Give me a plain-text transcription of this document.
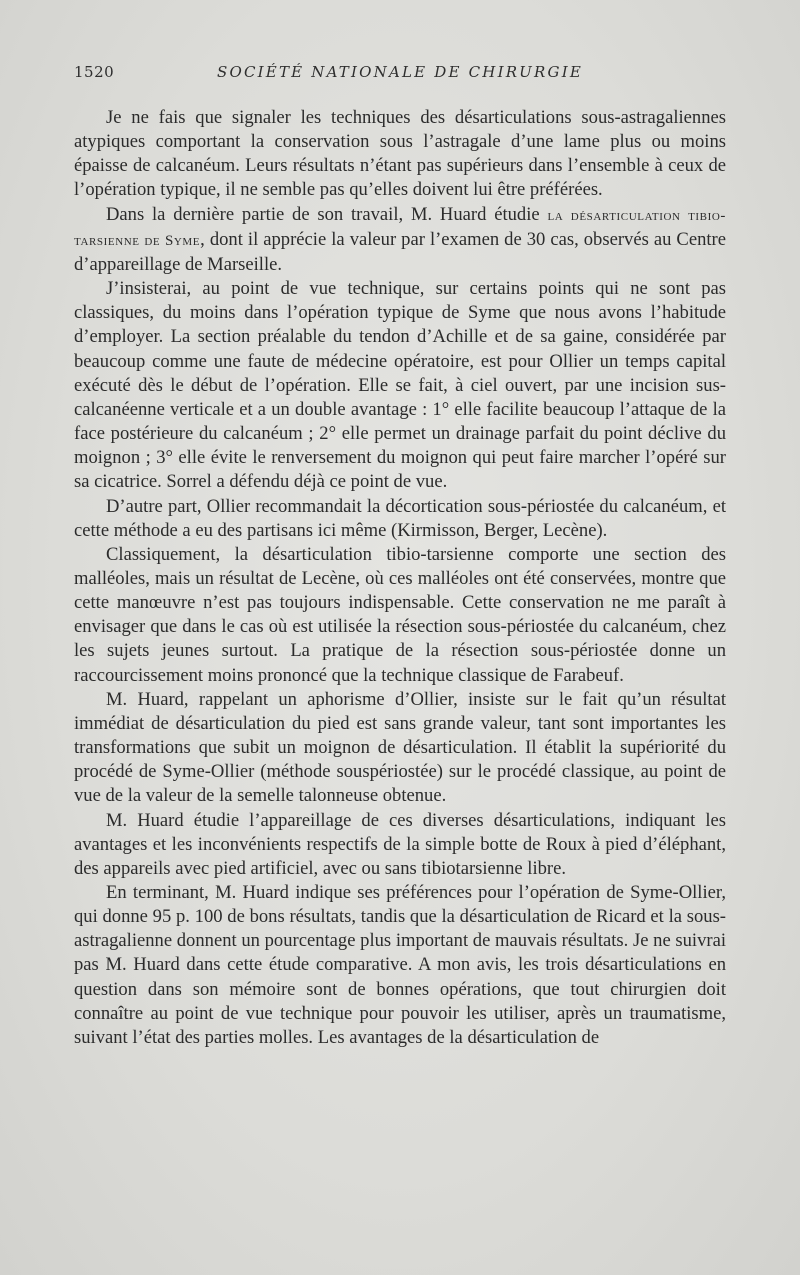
1520	SOCIÉTÉ NATIONALE DE CHIRURGIE

Je ne fais que signaler les techniques des désarticulations sous-astragaliennes atypiques comportant la conservation sous l’astragale d’une lame plus ou moins épaisse de calcanéum. Leurs résultats n’étant pas supérieurs dans l’ensemble à ceux de l’opération typique, il ne semble pas qu’elles doivent lui être préférées.

Dans la dernière partie de son travail, M. Huard étudie la désarticulation tibio-tarsienne de Syme, dont il apprécie la valeur par l’examen de 30 cas, observés au Centre d’appareillage de Marseille.

J’insisterai, au point de vue technique, sur certains points qui ne sont pas classiques, du moins dans l’opération typique de Syme que nous avons l’habitude d’employer. La section préalable du tendon d’Achille et de sa gaine, considérée par beaucoup comme une faute de médecine opératoire, est pour Ollier un temps capital exécuté dès le début de l’opération. Elle se fait, à ciel ouvert, par une incision sus-calcanéenne verticale et a un double avantage : 1° elle facilite beaucoup l’attaque de la face postérieure du calcanéum ; 2° elle permet un drainage parfait du point déclive du moignon ; 3° elle évite le renversement du moignon qui peut faire marcher l’opéré sur sa cicatrice. Sorrel a défendu déjà ce point de vue.

D’autre part, Ollier recommandait la décortication sous-périostée du calcanéum, et cette méthode a eu des partisans ici même (Kirmisson, Berger, Lecène).

Classiquement, la désarticulation tibio-tarsienne comporte une section des malléoles, mais un résultat de Lecène, où ces malléoles ont été conservées, montre que cette manœuvre n’est pas toujours indispensable. Cette conservation ne me paraît à envisager que dans le cas où est utilisée la résection sous-périostée du calcanéum, chez les sujets jeunes surtout. La pratique de la résection sous-périostée donne un raccourcissement moins prononcé que la technique classique de Farabeuf.

M. Huard, rappelant un aphorisme d’Ollier, insiste sur le fait qu’un résultat immédiat de désarticulation du pied est sans grande valeur, tant sont importantes les transformations que subit un moignon de désarticulation. Il établit la supériorité du procédé de Syme-Ollier (méthode souspériostée) sur le procédé classique, au point de vue de la valeur de la semelle talonneuse obtenue.

M. Huard étudie l’appareillage de ces diverses désarticulations, indiquant les avantages et les inconvénients respectifs de la simple botte de Roux à pied d’éléphant, des appareils avec pied artificiel, avec ou sans tibiotarsienne libre.

En terminant, M. Huard indique ses préférences pour l’opération de Syme-Ollier, qui donne 95 p. 100 de bons résultats, tandis que la désarticulation de Ricard et la sous-astragalienne donnent un pourcentage plus important de mauvais résultats. Je ne suivrai pas M. Huard dans cette étude comparative. A mon avis, les trois désarticulations en question dans son mémoire sont de bonnes opérations, que tout chirurgien doit connaître au point de vue technique pour pouvoir les utiliser, après un traumatisme, suivant l’état des parties molles. Les avantages de la désarticulation de
